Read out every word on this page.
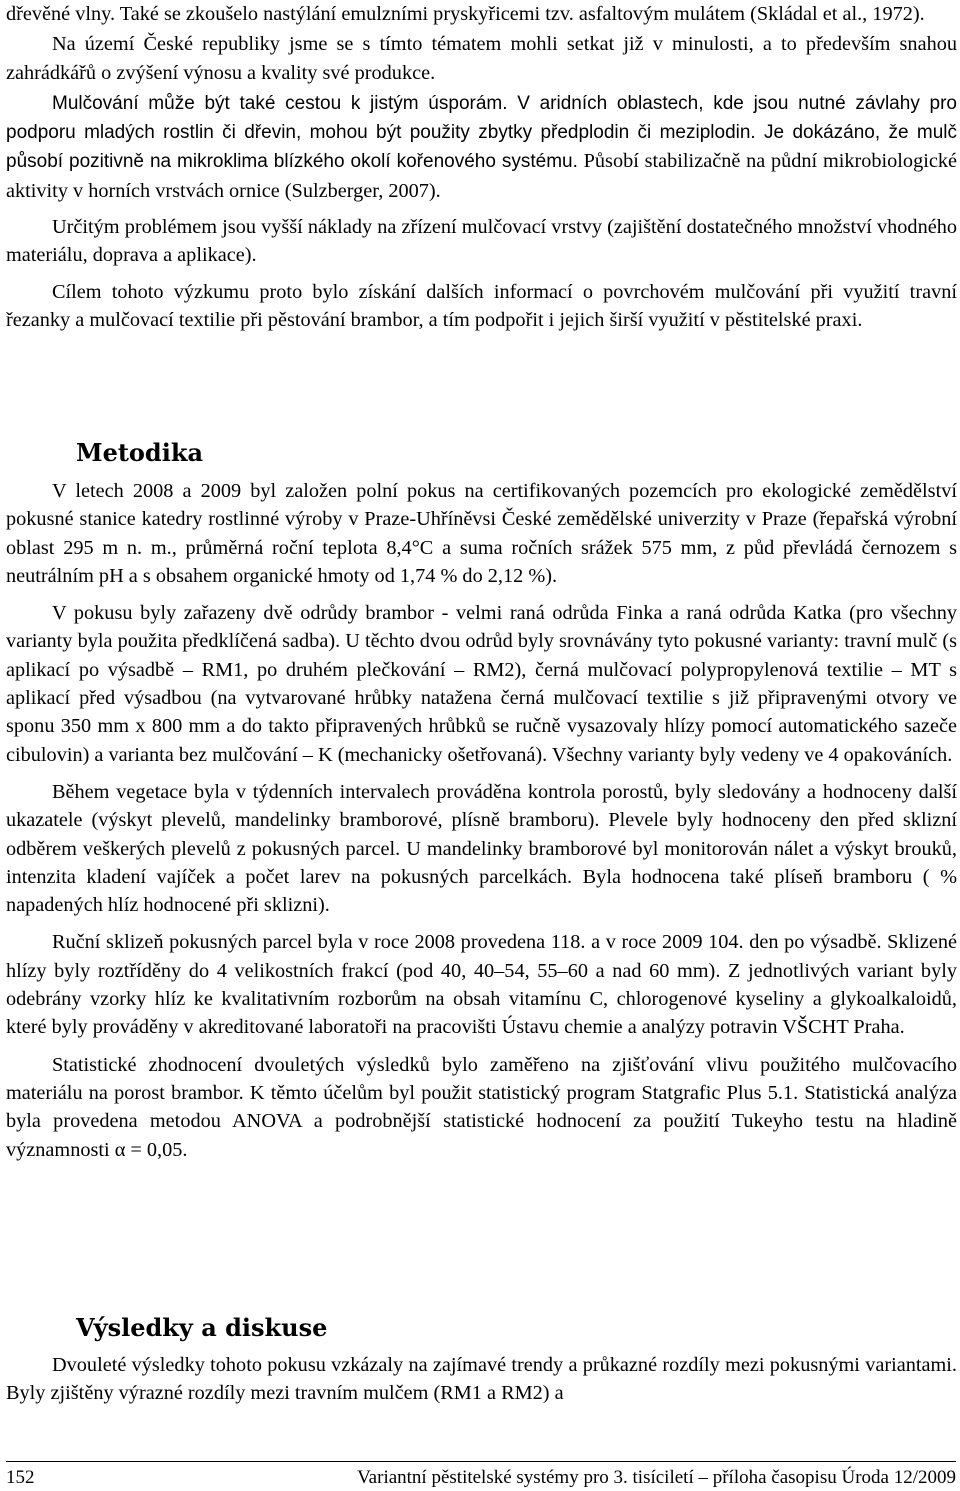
dřevěné vlny. Také se zkoušelo nastýlání emulzními pryskyřicemi tzv. asfaltovým mulátem (Skládal et al., 1972).

Na území České republiky jsme se s tímto tématem mohli setkat již v minulosti, a to především snahou zahrádkářů o zvýšení výnosu a kvality své produkce.

Mulčování může být také cestou k jistým úsporám. V aridních oblastech, kde jsou nutné závlahy pro podporu mladých rostlin či dřevin, mohou být použity zbytky předplodin či meziplodin. Je dokázáno, že mulč působí pozitivně na mikroklima blízkého okolí kořenového systému. Působí stabilizačně na půdní mikrobiologické aktivity v horních vrstvách ornice (Sulzberger, 2007).

Určitým problémem jsou vyšší náklady na zřízení mulčovací vrstvy (zajištění dostatečného množství vhodného materiálu, doprava a aplikace).

Cílem tohoto výzkumu proto bylo získání dalších informací o povrchovém mulčování při využití travní řezanky a mulčovací textilie při pěstování brambor, a tím podpořit i jejich širší využití v pěstitelské praxi.

Metodika

V letech 2008 a 2009 byl založen polní pokus na certifikovaných pozemcích pro ekologické zemědělství pokusné stanice katedry rostlinné výroby v Praze-Uhříněvsi České zemědělské univerzity v Praze (řepařská výrobní oblast 295 m n. m., průměrná roční teplota 8,4°C a suma ročních srážek 575 mm, z půd převládá černozem s neutrálním pH a s obsahem organické hmoty od 1,74 % do 2,12 %).

V pokusu byly zařazeny dvě odrůdy brambor - velmi raná odrůda Finka a raná odrůda Katka (pro všechny varianty byla použita předklíčená sadba). U těchto dvou odrůd byly srovnávány tyto pokusné varianty: travní mulč (s aplikací po výsadbě – RM1, po druhém plečkování – RM2), černá mulčovací polypropylenová textilie – MT s aplikací před výsadbou (na vytvarované hrůbky natažena černá mulčovací textilie s již připravenými otvory ve sponu 350 mm x 800 mm a do takto připravených hrůbků se ručně vysazovaly hlízy pomocí automatického sazeče cibulovin) a varianta bez mulčování – K (mechanicky ošetřovaná). Všechny varianty byly vedeny ve 4 opakováních.

Během vegetace byla v týdenních intervalech prováděna kontrola porostů, byly sledovány a hodnoceny další ukazatele (výskyt plevelů, mandelinky bramborové, plísně bramboru). Plevele byly hodnoceny den před sklizní odběrem veškerých plevelů z pokusných parcel. U mandelinky bramborové byl monitorován nálet a výskyt brouků, intenzita kladení vajíček a počet larev na pokusných parcelkách. Byla hodnocena také plíseň bramboru ( % napadených hlíz hodnocené při sklizni).

Ruční sklizeň pokusných parcel byla v roce 2008 provedena 118. a v roce 2009 104. den po výsadbě. Sklizené hlízy byly roztříděny do 4 velikostních frakcí (pod 40, 40–54, 55–60 a nad 60 mm). Z jednotlivých variant byly odebrány vzorky hlíz ke kvalitativním rozborům na obsah vitamínu C, chlorogenové kyseliny a glykoalkaloidů, které byly prováděny v akreditované laboratoři na pracovišti Ústavu chemie a analýzy potravin VŠCHT Praha.

Statistické zhodnocení dvouletých výsledků bylo zaměřeno na zjišťování vlivu použitého mulčovacího materiálu na porost brambor. K těmto účelům byl použit statistický program Statgrafic Plus 5.1. Statistická analýza byla provedena metodou ANOVA a podrobnější statistické hodnocení za použití Tukeyho testu na hladině významnosti α = 0,05.

Výsledky a diskuse

Dvouleté výsledky tohoto pokusu vzkázaly na zajímavé trendy a průkazné rozdíly mezi pokusnými variantami. Byly zjištěny výrazné rozdíly mezi travním mulčem (RM1 a RM2) a

152	Variantní pěstitelské systémy pro 3. tisíciletí – příloha časopisu Úroda 12/2009
